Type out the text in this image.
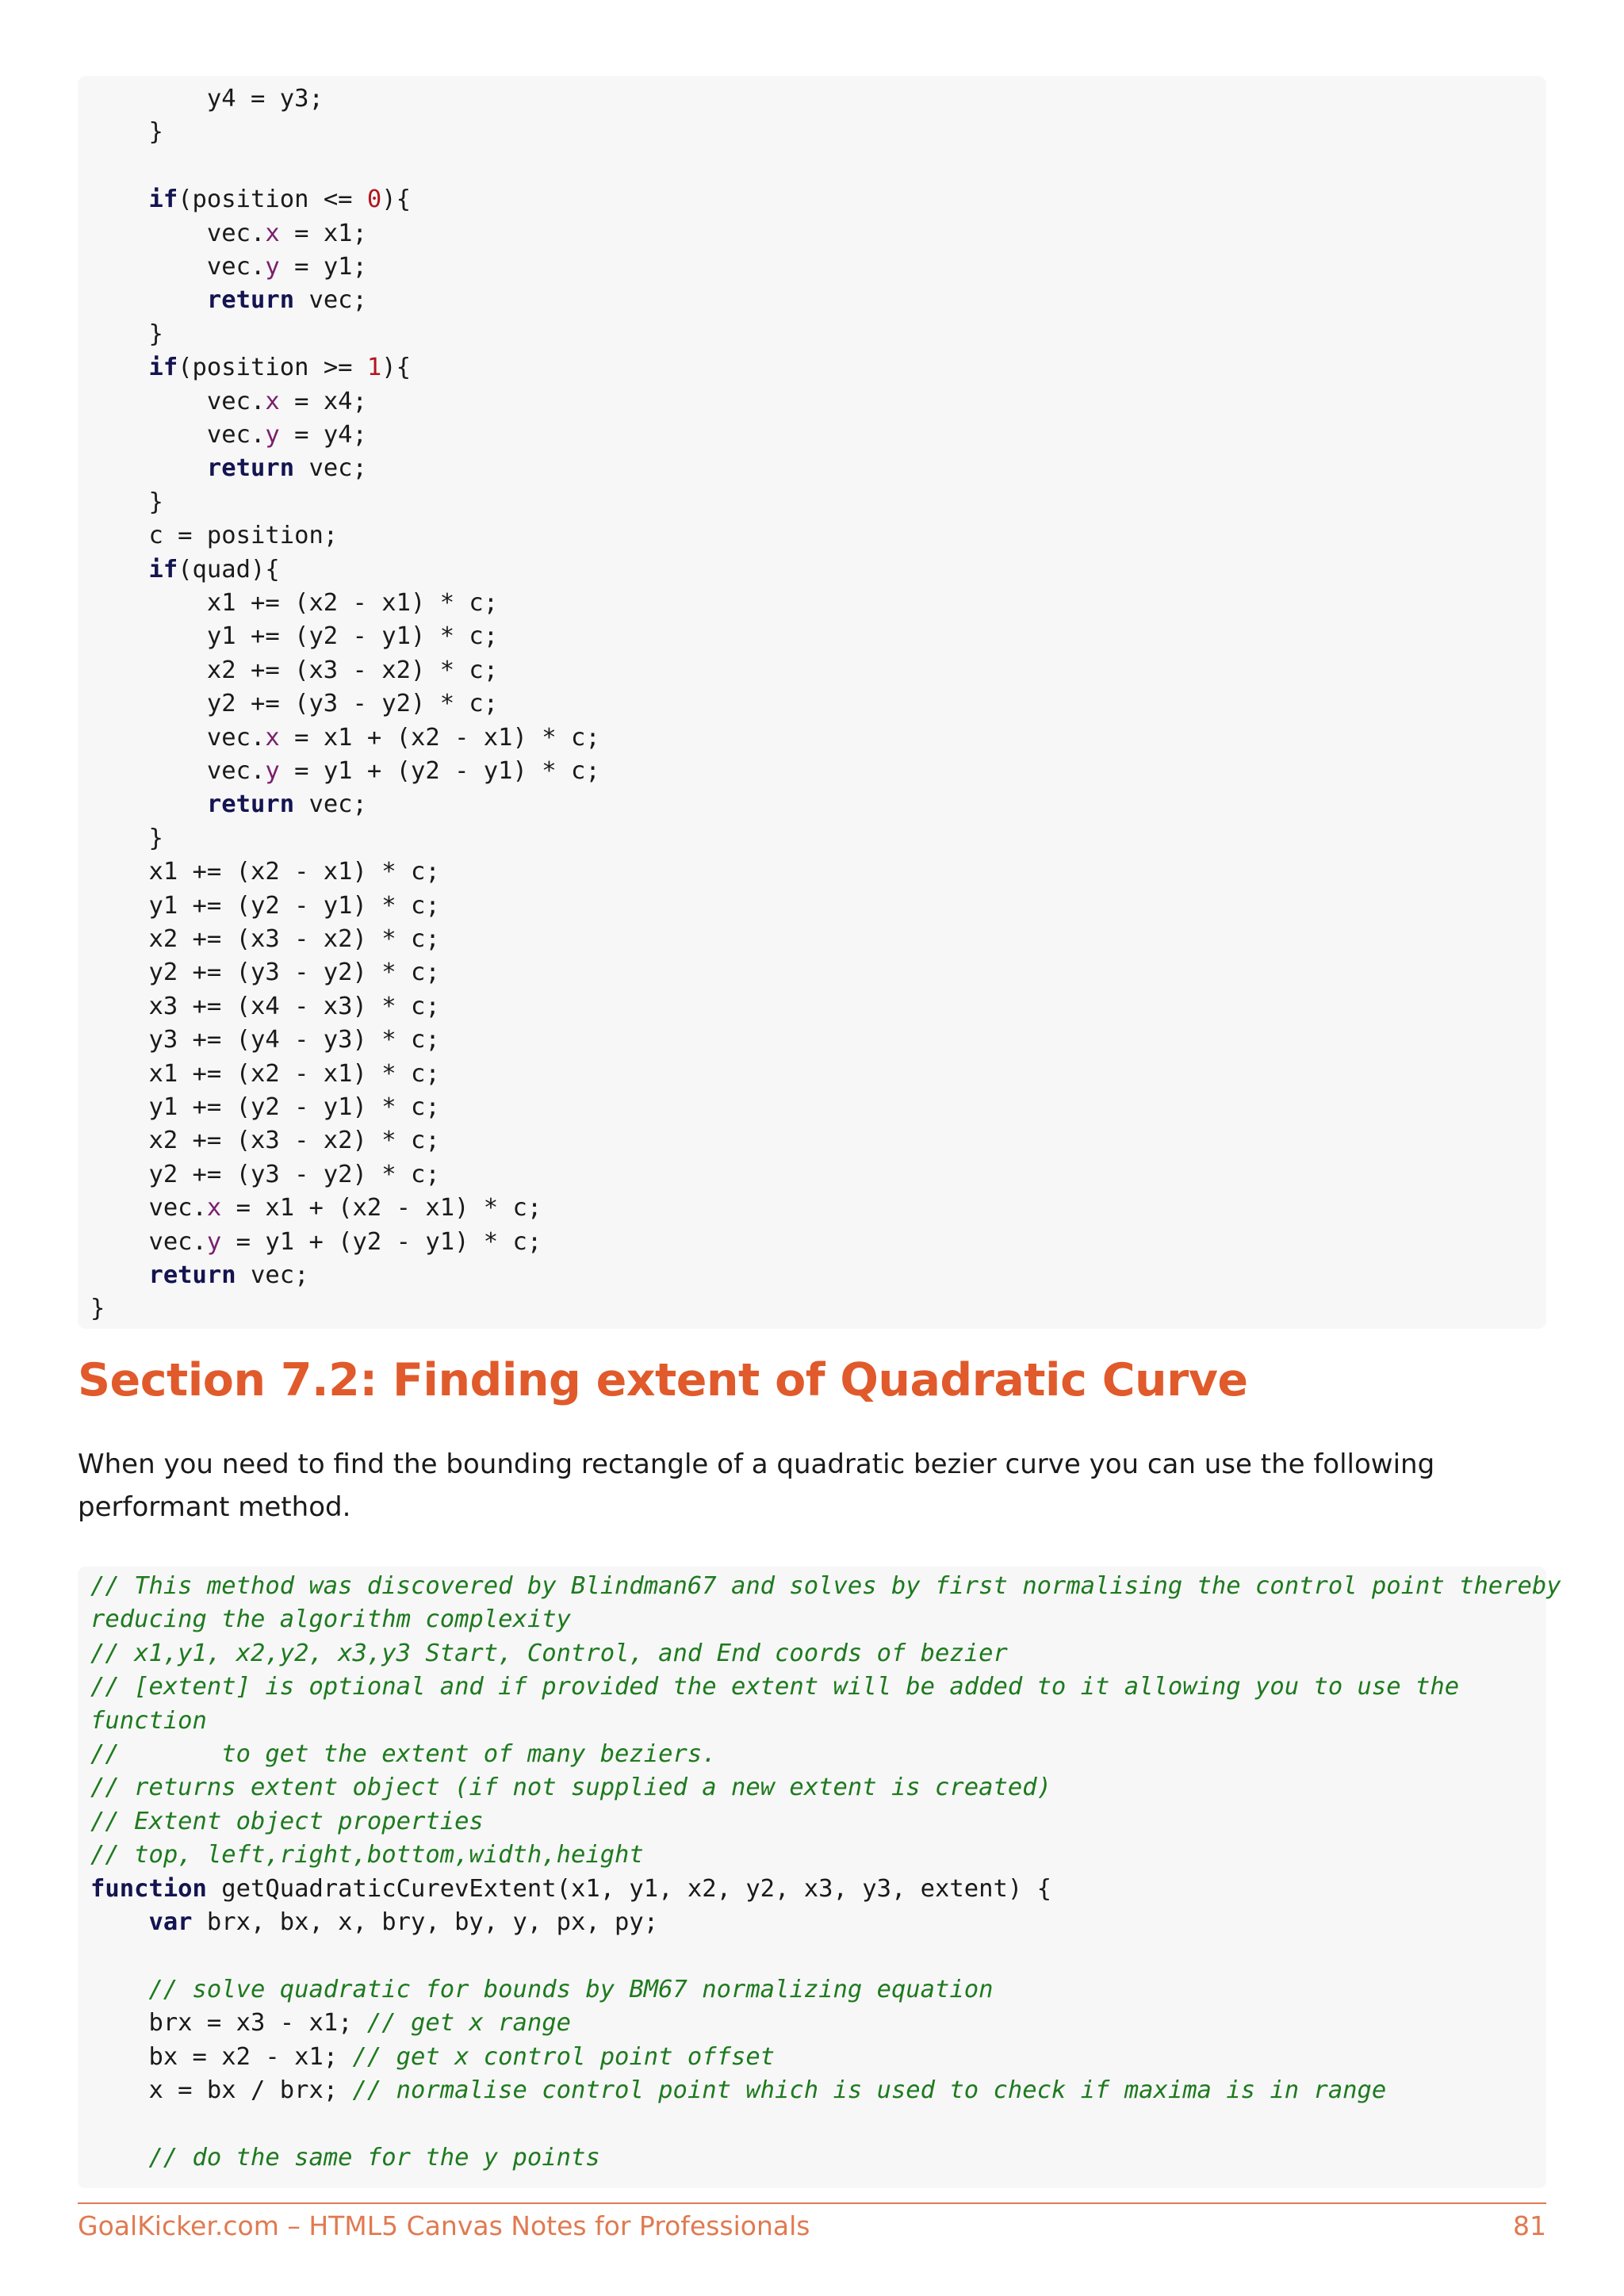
y4 = y3;
}
if(position <= 0){
vec.x = x1;
vec.y = y1;
return vec;
}
if(position >= 1){
vec.x = x4;
vec.y = y4;
return vec;
}
c = position;
if(quad){
x1 += (x2 - x1) * c;
y1 += (y2 - y1) * c;
x2 += (x3 - x2) * c;
y2 += (y3 - y2) * c;
vec.x = x1 + (x2 - x1) * c;
vec.y = y1 + (y2 - y1) * c;
return vec;
}
x1 += (x2 - x1) * c;
y1 += (y2 - y1) * c;
x2 += (x3 - x2) * c;
y2 += (y3 - y2) * c;
x3 += (x4 - x3) * c;
y3 += (y4 - y3) * c;
x1 += (x2 - x1) * c;
y1 += (y2 - y1) * c;
x2 += (x3 - x2) * c;
y2 += (y3 - y2) * c;
vec.x = x1 + (x2 - x1) * c;
vec.y = y1 + (y2 - y1) * c;
return vec;
}
Section 7.2: Finding extent of Quadratic Curve

When you need to find the bounding rectangle of a quadratic bezier curve you can use the following performant method.

// This method was discovered by Blindman67 and solves by first normalising the control point thereby
reducing the algorithm complexity
// x1,y1, x2,y2, x3,y3 Start, Control, and End coords of bezier
// [extent] is optional and if provided the extent will be added to it allowing you to use the
function
//       to get the extent of many beziers.
// returns extent object (if not supplied a new extent is created)
// Extent object properties
// top, left,right,bottom,width,height
function getQuadraticCurevExtent(x1, y1, x2, y2, x3, y3, extent) {
var brx, bx, x, bry, by, y, px, py;
// solve quadratic for bounds by BM67 normalizing equation
brx = x3 - x1; // get x range
bx = x2 - x1; // get x control point offset
x = bx / brx; // normalise control point which is used to check if maxima is in range
// do the same for the y points
GoalKicker.com – HTML5 Canvas Notes for Professionals	81
